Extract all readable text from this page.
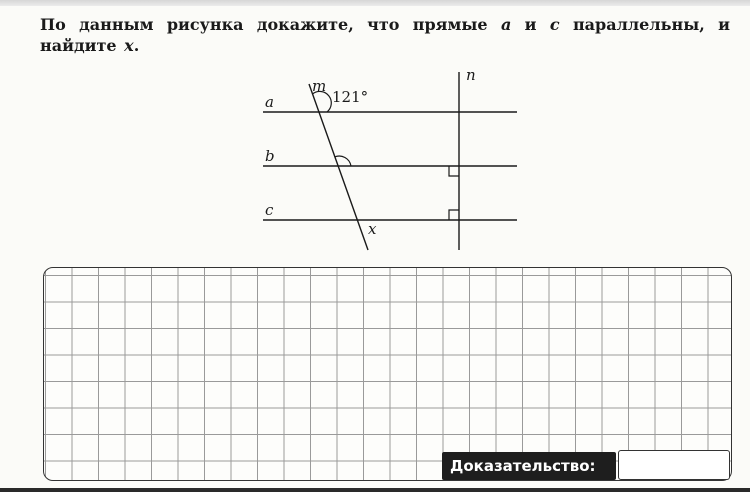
По данным рисунка докажите, что прямые a и c параллельны, и найдите x.
a
b
c
m
n
x
121°
Доказательство:
